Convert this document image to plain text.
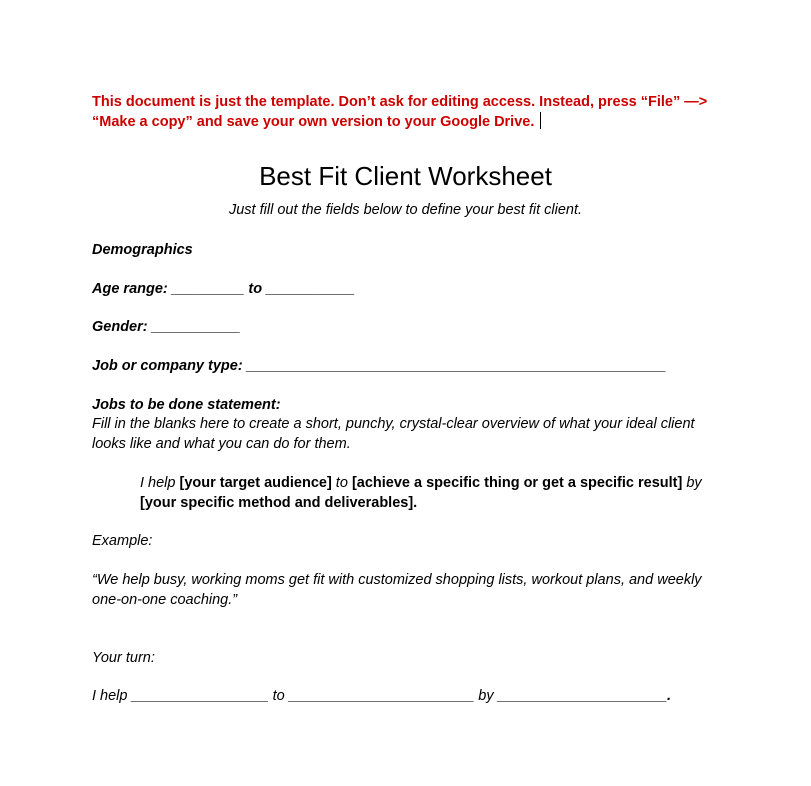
This document is just the template. Don’t ask for editing access. Instead, press “File” —>
“Make a copy” and save your own version to your Google Drive.
Best Fit Client Worksheet
Just fill out the fields below to define your best fit client.
Demographics
Age range: _________ to ___________
Gender: ___________
Job or company type: ____________________________________________________
Jobs to be done statement:
Fill in the blanks here to create a short, punchy, crystal-clear overview of what your ideal client looks like and what you can do for them.
I help [your target audience] to [achieve a specific thing or get a specific result] by [your specific method and deliverables].
Example:
“We help busy, working moms get fit with customized shopping lists, workout plans, and weekly one-on-one coaching.”
Your turn:
I help _________________ to _______________________ by _____________________.
